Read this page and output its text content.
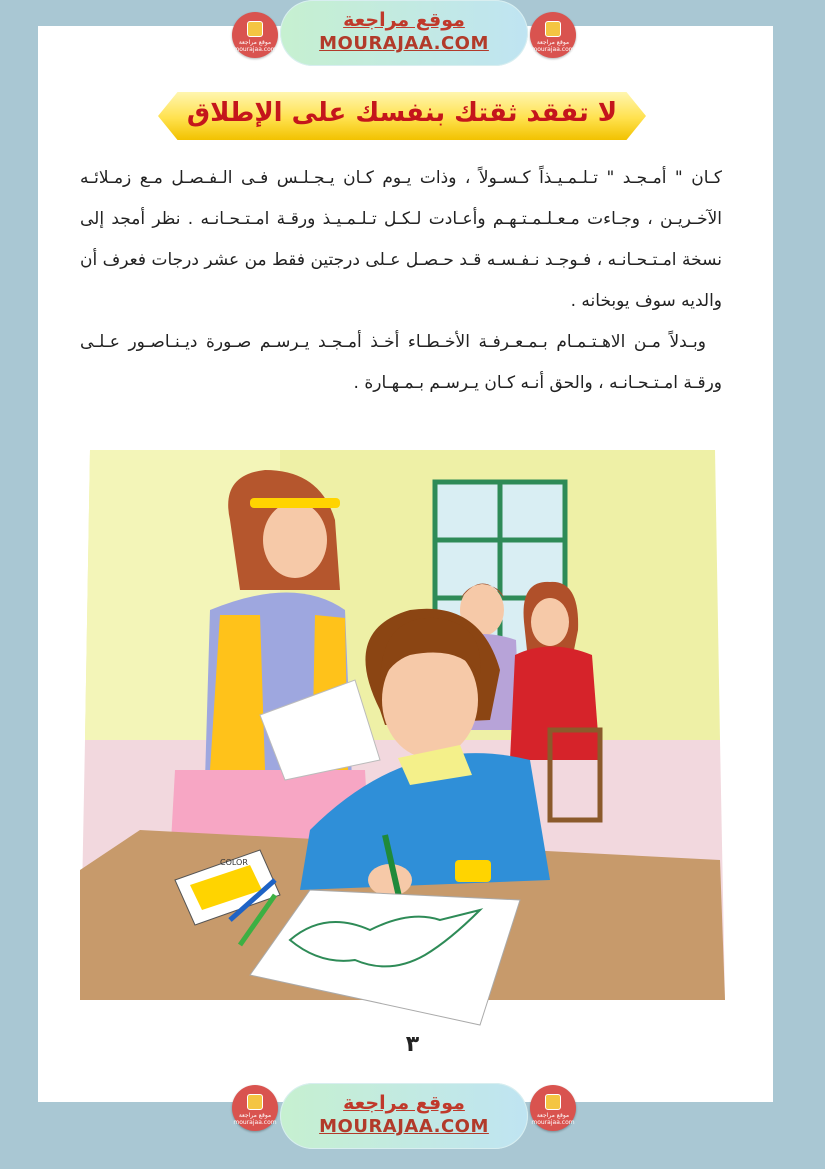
موقع مراجعة mourajaa.com
موقع مراجعة
MOURAJAA.COM	موقع مراجعة mourajaa.com
لا تفقد ثقتك بنفسك على الإطلاق

كـان " أمـجـد " تـلـمـيـذاً كـسـولاً ، وذات يـوم كـان يـجـلـس فـى الـفـصـل مـع زمـلائـه الآخـريـن ، وجـاءت مـعـلـمـتـهـم وأعـادت لـكـل تـلـمـيـذ ورقـة امـتـحـانـه . نظر أمجد إلى نسخة امـتـحـانـه ، فـوجـد نـفـسـه قـد حـصـل عـلى درجتين فقط من عشر درجات فعرف أن والديه سوف يوبخانه .

وبـدلاً مـن الاهـتـمـام بـمـعـرفـة الأخـطـاء أخـذ أمـجـد يـرسـم صـورة ديـنـاصـور عـلـى ورقـة امـتـحـانـه ، والحق أنـه كـان يـرسـم بـمـهـارة .

COLOR
٣
موقع مراجعة mourajaa.com
موقع مراجعة
MOURAJAA.COM
موقع مراجعة mourajaa.com
